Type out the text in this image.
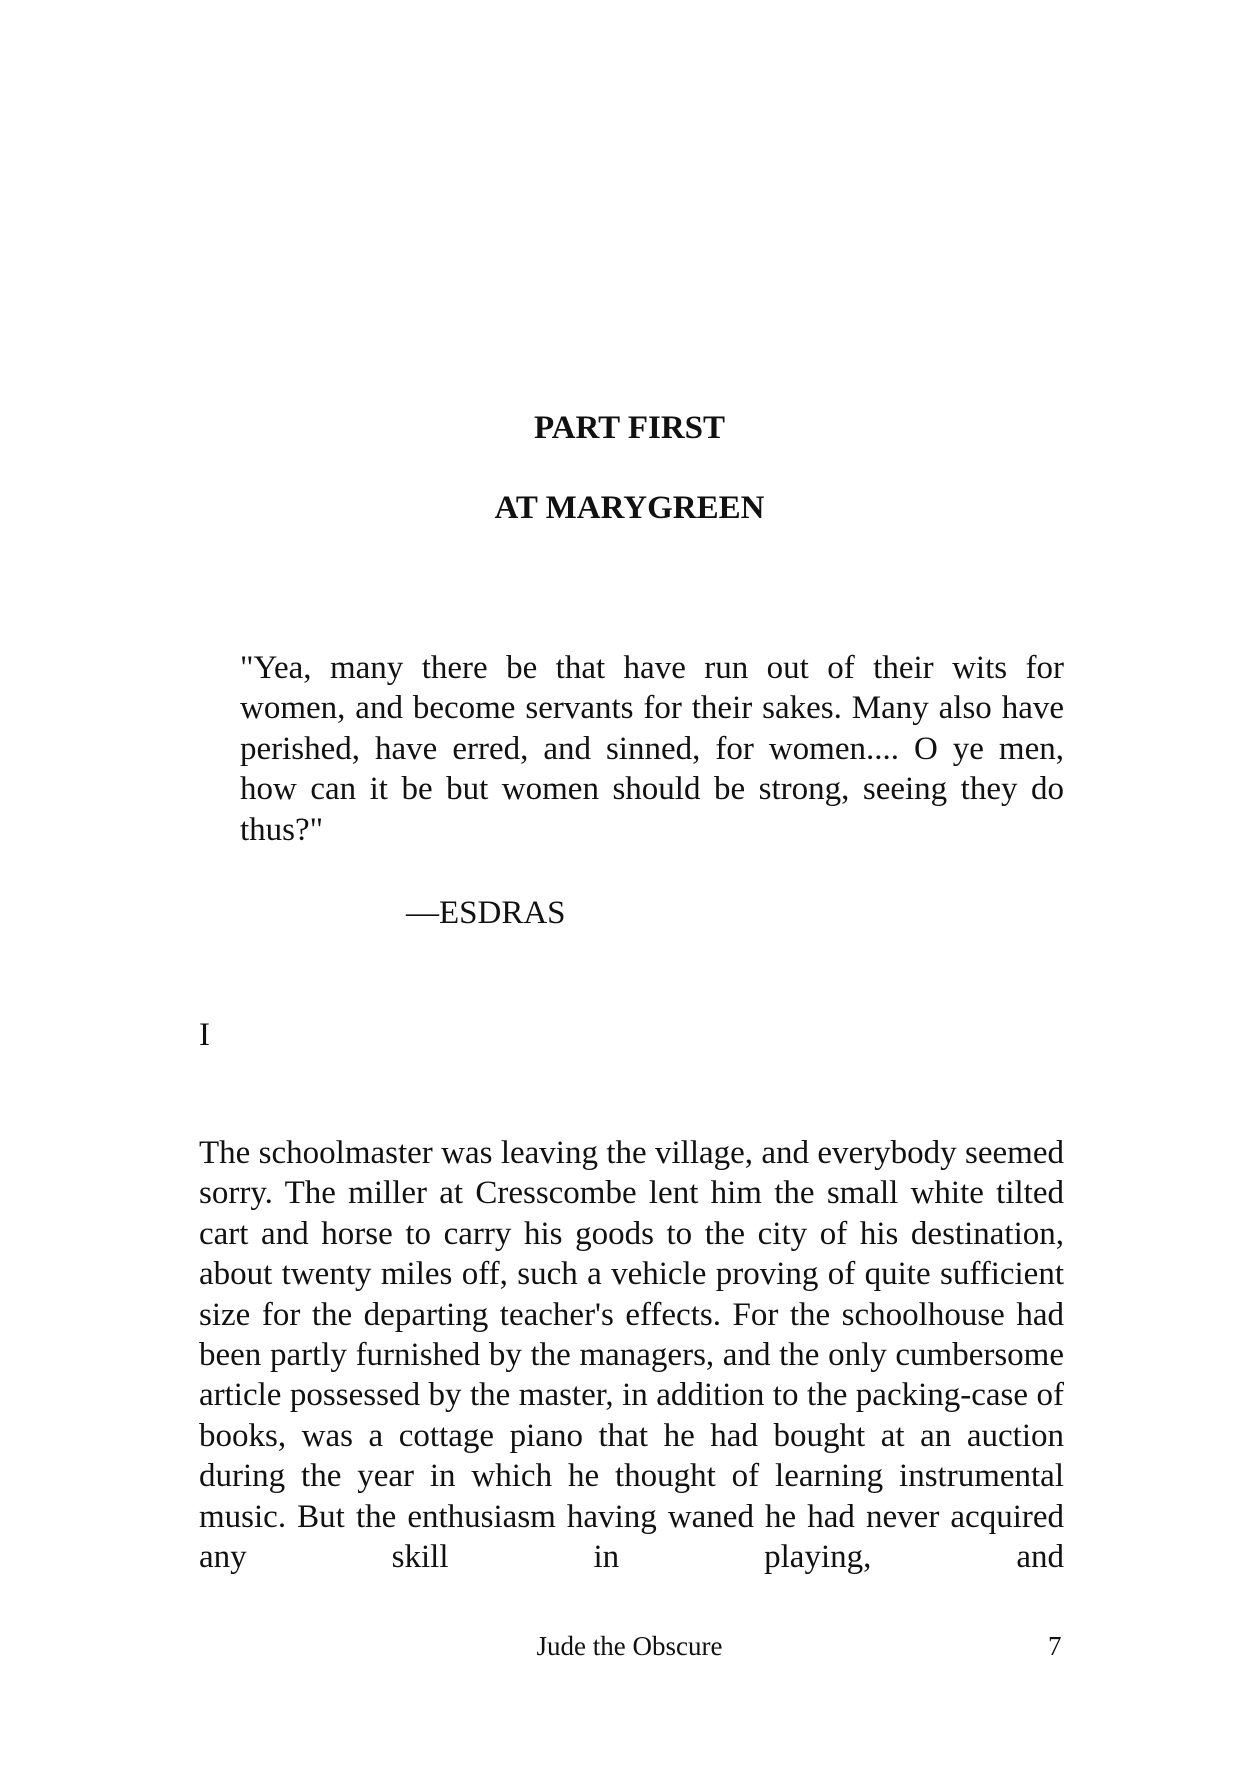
PART FIRST
AT MARYGREEN

"Yea, many there be that have run out of their wits for women, and become servants for their sakes. Many also have perished, have erred, and sinned, for women.... O ye men, how can it be but women should be strong, seeing they do thus?"

—ESDRAS

I

The schoolmaster was leaving the village, and everybody seemed sorry. The miller at Cresscombe lent him the small white tilted cart and horse to carry his goods to the city of his destination, about twenty miles off, such a vehicle proving of quite sufficient size for the departing teacher's effects. For the schoolhouse had been partly furnished by the managers, and the only cumbersome article possessed by the master, in addition to the packing-case of books, was a cottage piano that he had bought at an auction during the year in which he thought of learning instrumental music. But the enthusiasm having waned he had never acquired any skill in playing, and

Jude the Obscure	7
